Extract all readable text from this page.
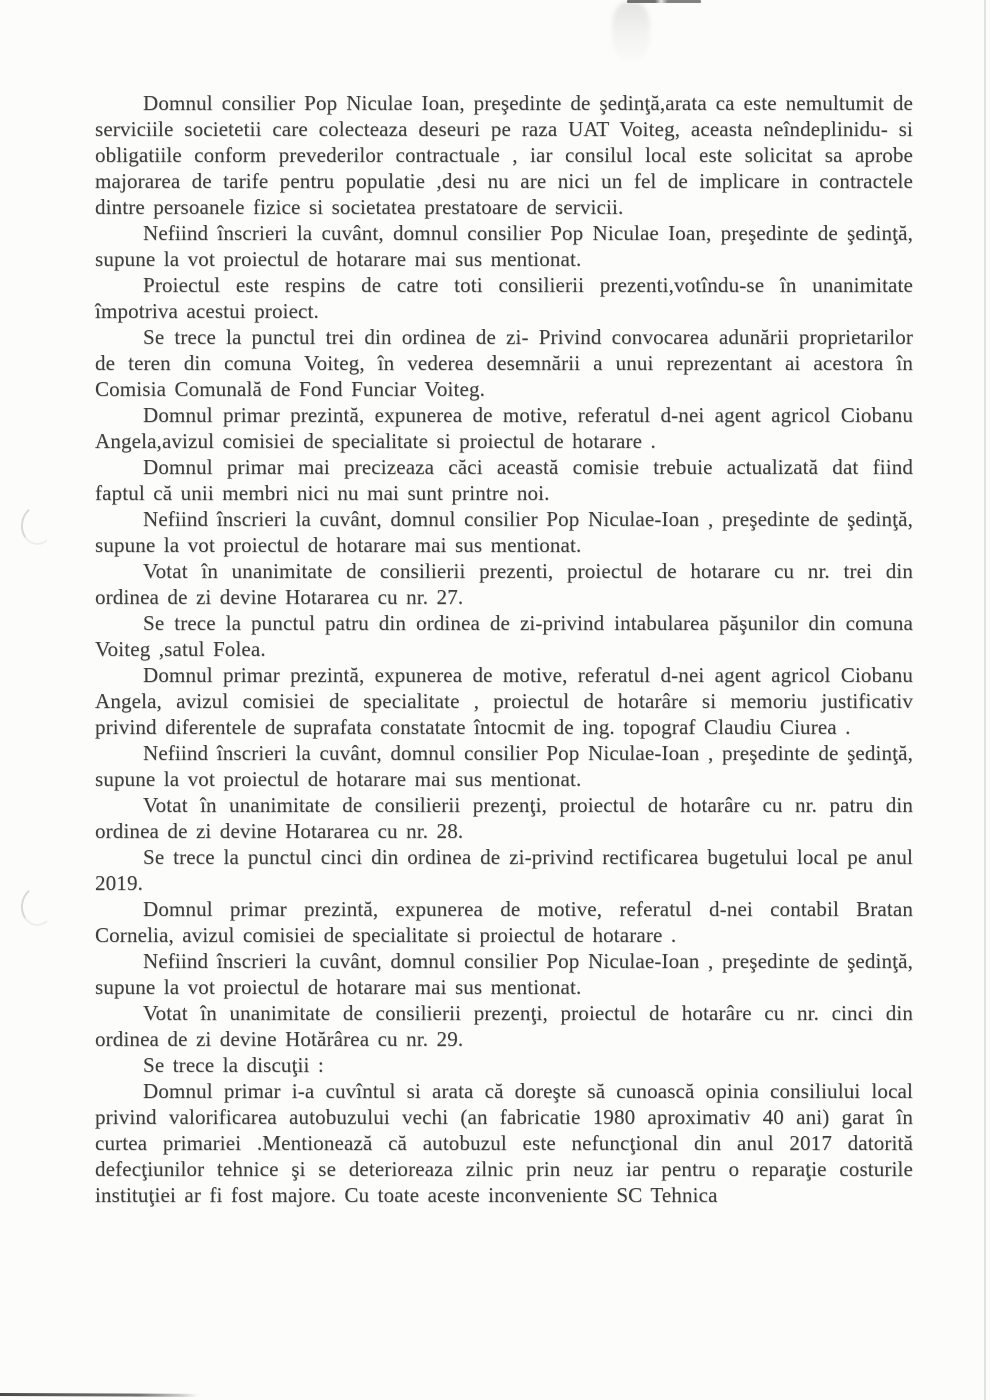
Domnul consilier Pop Niculae Ioan, preşedinte de şedinţă,arata ca este nemultumit de serviciile societetii care colecteaza deseuri pe raza UAT Voiteg, aceasta neîndeplinidu- si obligatiile conform prevederilor contractuale , iar consilul local este solicitat sa aprobe majorarea de tarife pentru populatie ,desi nu are nici un fel de implicare in contractele dintre persoanele fizice si societatea prestatoare de servicii.

Nefiind înscrieri la cuvânt, domnul consilier Pop Niculae Ioan, preşedinte de şedinţă, supune la vot proiectul de hotarare mai sus mentionat.

Proiectul este respins de catre toti consilierii prezenti,votîndu-se în unanimitate împotriva acestui proiect.

Se trece la punctul trei din ordinea de zi- Privind convocarea adunării proprietarilor de teren din comuna Voiteg, în vederea desemnării a unui reprezentant ai acestora în Comisia Comunală de Fond Funciar Voiteg.

Domnul primar prezintă, expunerea de motive, referatul d-nei agent agricol Ciobanu Angela,avizul comisiei de specialitate si proiectul de hotarare .

Domnul primar mai precizeaza căci această comisie trebuie actualizată dat fiind faptul că unii membri nici nu mai sunt printre noi.

Nefiind înscrieri la cuvânt, domnul consilier Pop Niculae-Ioan , preşedinte de şedinţă, supune la vot proiectul de hotarare mai sus mentionat.

Votat în unanimitate de consilierii prezenti, proiectul de hotarare cu nr. trei din ordinea de zi devine Hotararea cu nr. 27.

Se trece la punctul patru din ordinea de zi-privind intabularea păşunilor din comuna Voiteg ,satul Folea.

Domnul primar prezintă, expunerea de motive, referatul d-nei agent agricol Ciobanu Angela, avizul comisiei de specialitate , proiectul de hotarâre si memoriu justificativ privind diferentele de suprafata constatate întocmit de ing. topograf Claudiu Ciurea .

Nefiind înscrieri la cuvânt, domnul consilier Pop Niculae-Ioan , preşedinte de şedinţă, supune la vot proiectul de hotarare mai sus mentionat.

Votat în unanimitate de consilierii prezenţi, proiectul de hotarâre cu nr. patru din ordinea de zi devine Hotararea cu nr. 28.

Se trece la punctul cinci din ordinea de zi-privind rectificarea bugetului local pe anul 2019.

Domnul primar prezintă, expunerea de motive, referatul d-nei contabil Bratan Cornelia, avizul comisiei de specialitate si proiectul de hotarare .

Nefiind înscrieri la cuvânt, domnul consilier Pop Niculae-Ioan , preşedinte de şedinţă, supune la vot proiectul de hotarare mai sus mentionat.

Votat în unanimitate de consilierii prezenţi, proiectul de hotarâre cu nr. cinci din ordinea de zi devine Hotărârea cu nr. 29.

Se trece la discuţii :

Domnul primar i-a cuvîntul si arata că doreşte să cunoască opinia consiliului local privind valorificarea autobuzului vechi (an fabricatie 1980 aproximativ 40 ani) garat în curtea primariei .Mentionează că autobuzul este nefuncţional din anul 2017 datorită defecţiunilor tehnice şi se deterioreaza zilnic prin neuz iar pentru o reparaţie costurile instituţiei ar fi fost majore. Cu toate aceste inconveniente SC Tehnica
